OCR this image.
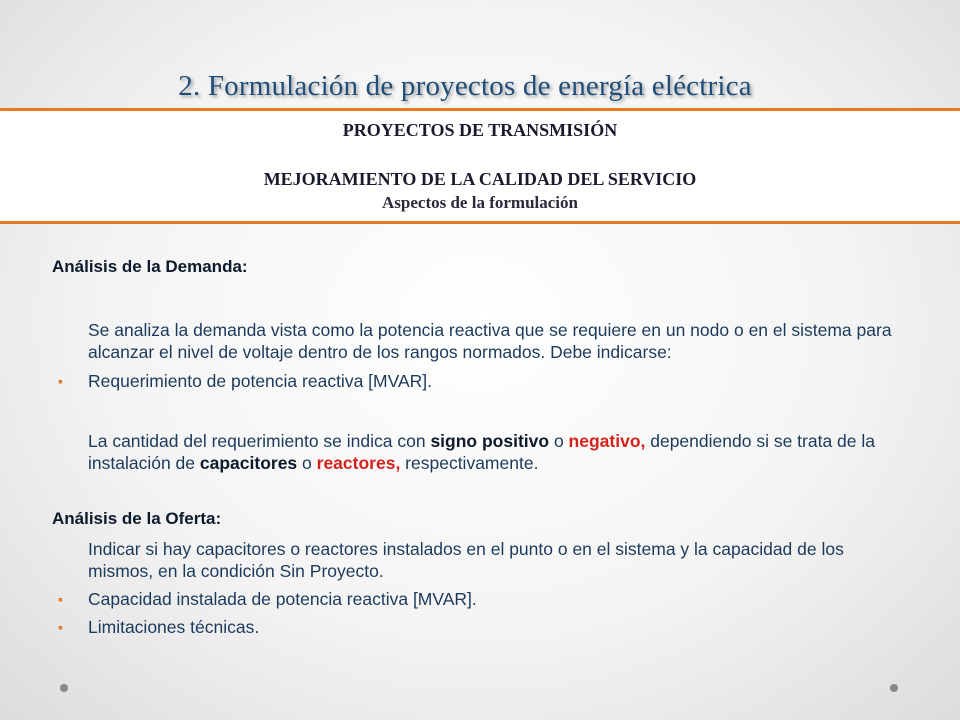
2. Formulación de proyectos de energía eléctrica
PROYECTOS DE TRANSMISIÓN
MEJORAMIENTO DE LA CALIDAD DEL SERVICIO
Aspectos de la formulación
Análisis de la Demanda:
Se analiza la demanda vista como la potencia reactiva que se requiere en un nodo o en el sistema para alcanzar el nivel de voltaje dentro de los rangos normados. Debe indicarse:
▪ Requerimiento de potencia reactiva [MVAR].
La cantidad del requerimiento se indica con signo positivo o negativo, dependiendo si se trata de la instalación de capacitores o reactores, respectivamente.
Análisis de la Oferta:
Indicar si hay capacitores o reactores instalados en el punto o en el sistema y la capacidad de los mismos, en la condición Sin Proyecto.
▪ Capacidad instalada de potencia reactiva [MVAR].
▪ Limitaciones técnicas.
